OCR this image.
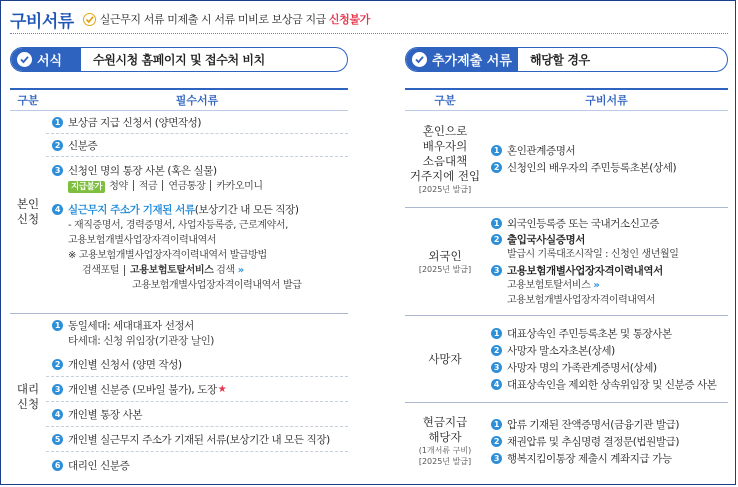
구비서류 실근무지 서류 미제출 시 서류 미비로 보상금 지급 신청불가
서식	수원시청 홈페이지 및 접수처 비치
구분	필수서류
본인
신청
1 보상금 지급 신청서 (양면작성)
2 신분증
3 신청인 명의 통장 사본 (혹은 실물)
지급불가 청약 적금 연금통장 카카오미니
4 실근무지 주소가 기재된 서류 (보상기간 내 모든 직장)
- 재직증명서, 경력증명서, 사업자등록증, 근로계약서,
고용보험개별사업장자격이력내역서
※ 고용보험개별사업장자격이력내역서 발급방법
검색포털 고용보험토탈서비스 검색 »
고용보험개별사업장자격이력내역서 발급
대리
신청
1 동일세대: 세대대표자 선정서
타세대: 신청 위임장(기관장 날인)
2 개인별 신청서 (양면 작성)
3 개인별 신분증 (모바일 불가), 도장 ★
4 개인별 통장 사본
5 개인별 실근무지 주소가 기재된 서류(보상기간 내 모든 직장)
6 대리인 신분증
추가제출 서류	해당할 경우
구분	구비서류
혼인으로
배우자의
소음대책
거주지에 전입
[2025년 발급]
1 혼인관계증명서
2 신청인의 배우자의 주민등록초본(상세)
외국인
[2025년 발급]
1 외국인등록증 또는 국내거소신고증
2 출입국사실증명서
발급시 기록대조시작일 : 신청인 생년월일
3 고용보험개별사업장자격이력내역서
고용보험토탈서비스 »
고용보험개별사업장자격이력내역서
사망자
1 대표상속인 주민등록초본 및 통장사본
2 사망자 말소자초본(상세)
3 사망자 명의 가족관계증명서(상세)
4 대표상속인을 제외한 상속위임장 및 신분증 사본
현금지급
해당자
(1개서류 구비)
[2025년 발급]
1 압류 기재된 잔액증명서(금융기관 발급)
2 채권압류 및 추심명령 결정문(법원발급)
3 행복지킴이통장 제출시 계좌지급 가능
